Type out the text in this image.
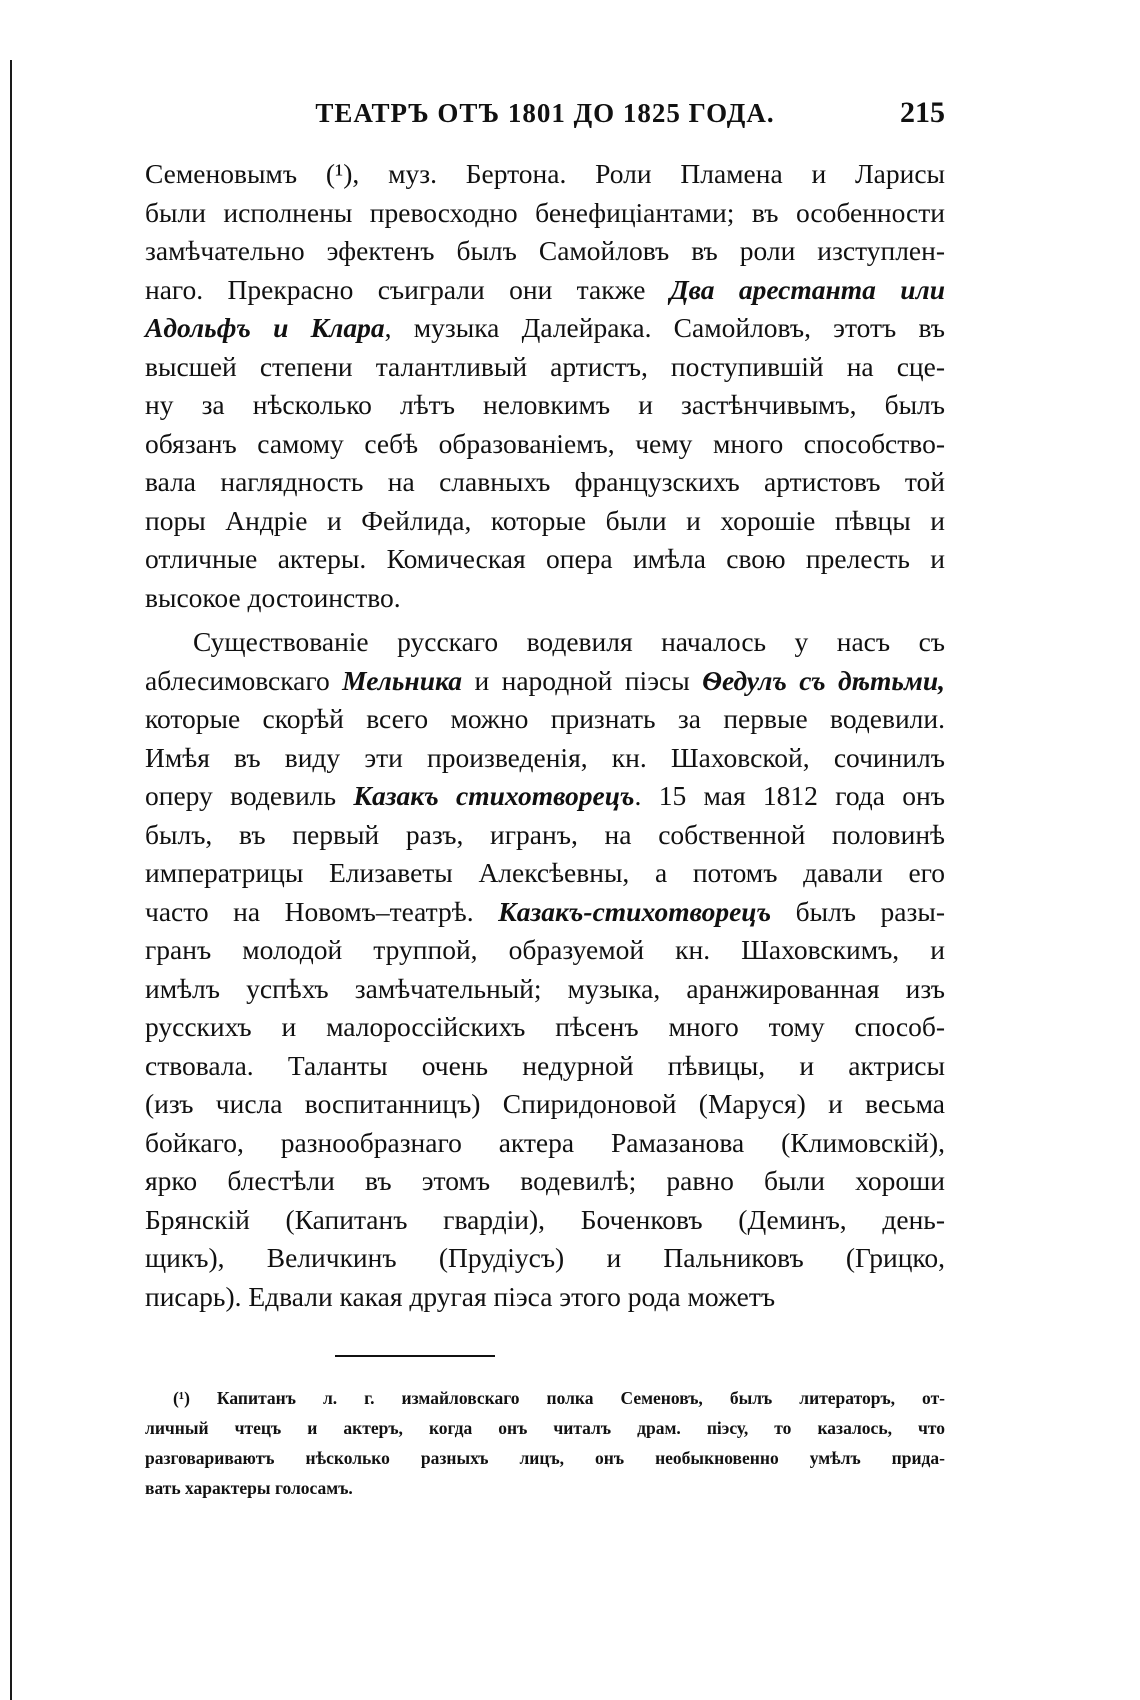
ТЕАТРЪ ОТЪ 1801 ДО 1825 ГОДА.	215

Семеновымъ (¹), муз. Бертона. Роли Пламена и Ларисы
были исполнены превосходно бенефиціантами; въ особенности
замѣчательно эфектенъ былъ Самойловъ въ роли изступлен-
наго. Прекрасно съиграли они также Два арестанта или
Адольфъ и Клара, музыка Далейрака. Самойловъ, этотъ въ
высшей степени талантливый артистъ, поступившій на сце-
ну за нѣсколько лѣтъ неловкимъ и застѣнчивымъ, былъ
обязанъ самому себѣ образованіемъ, чему много способство-
вала наглядность на славныхъ французскихъ артистовъ той
поры Андріе и Фейлида, которые были и хорошіе пѣвцы и
отличные актеры. Комическая опера имѣла свою прелесть и
высокое достоинство.

Существованіе русскаго водевиля началось у насъ съ
аблесимовскаго Мельника и народной піэсы Ѳедулъ съ дѣтьми,
которые скорѣй всего можно признать за первые водевили.
Имѣя въ виду эти произведенія, кн. Шаховской, сочинилъ
оперу водевиль Казакъ стихотворецъ. 15 мая 1812 года онъ
былъ, въ первый разъ, игранъ, на собственной половинѣ
императрицы Елизаветы Алексѣевны, а потомъ давали его
часто на Новомъ–театрѣ. Казакъ-стихотворецъ былъ разы-
гранъ молодой труппой, образуемой кн. Шаховскимъ, и
имѣлъ успѣхъ замѣчательный; музыка, аранжированная изъ
русскихъ и малороссійскихъ пѣсенъ много тому способ-
ствовала. Таланты очень недурной пѣвицы, и актрисы
(изъ числа воспитанницъ) Спиридоновой (Маруся) и весьма
бойкаго, разнообразнаго актера Рамазанова (Климовскій),
ярко блестѣли въ этомъ водевилѣ; равно были хороши
Брянскій (Капитанъ гвардіи), Боченковъ (Деминъ, день-
щикъ), Величкинъ (Прудіусъ) и Пальниковъ (Грицко,
писарь). Едвали какая другая піэса этого рода можетъ

(¹) Капитанъ л. г. измайловскаго полка Семеновъ, былъ литераторъ, от-
личный чтецъ и актеръ, когда онъ читалъ драм. піэсу, то казалось, что
разговариваютъ нѣсколько разныхъ лицъ, онъ необыкновенно умѣлъ прида-
вать характеры голосамъ.
